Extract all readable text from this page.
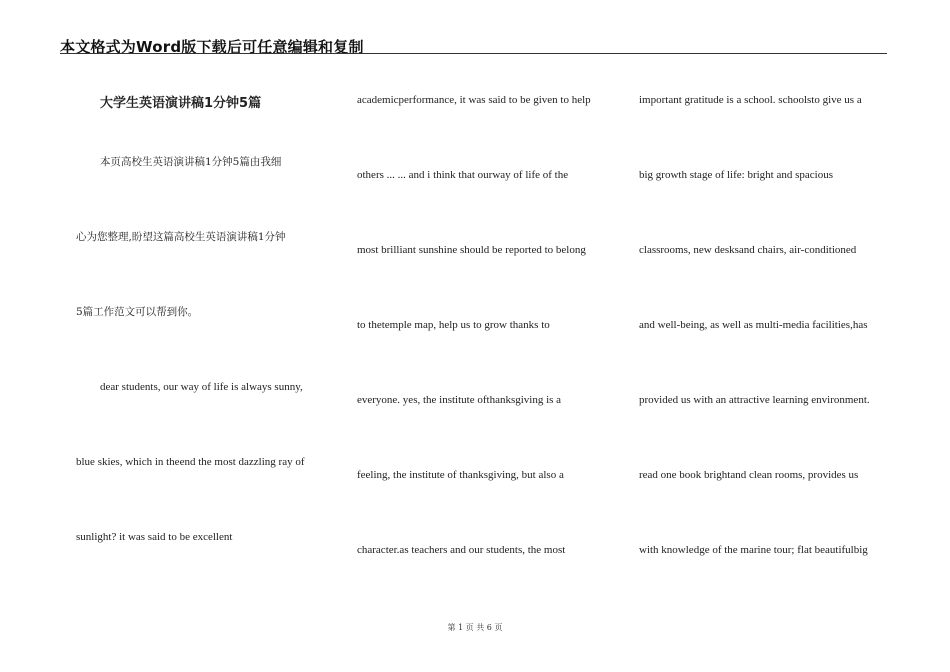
本文格式为Word版下载后可任意编辑和复制
大学生英语演讲稿1分钟5篇
本页高校生英语演讲稿1分钟5篇由我细
心为您整理,盼望这篇高校生英语演讲稿1分钟
5篇工作范文可以帮到你。
dear students, our way of life is always sunny,
blue skies, which in theend the most dazzling ray of
sunlight? it was said to be excellent
academicperformance, it was said to be given to help
others ... ... and i think that ourway of life of the
most brilliant sunshine should be reported to belong
to thetemple map, help us to grow thanks to
everyone. yes, the institute ofthanksgiving is a
feeling, the institute of thanksgiving, but also a
character.as teachers and our students, the most
important gratitude is a school. schoolsto give us a
big growth stage of life: bright and spacious
classrooms, new desksand chairs, air-conditioned
and well-being, as well as multi-media facilities,has
provided us with an attractive learning environment.
read one book brightand clean rooms, provides us
with knowledge of the marine tour; flat beautifulbig
第 1 页 共 6 页
